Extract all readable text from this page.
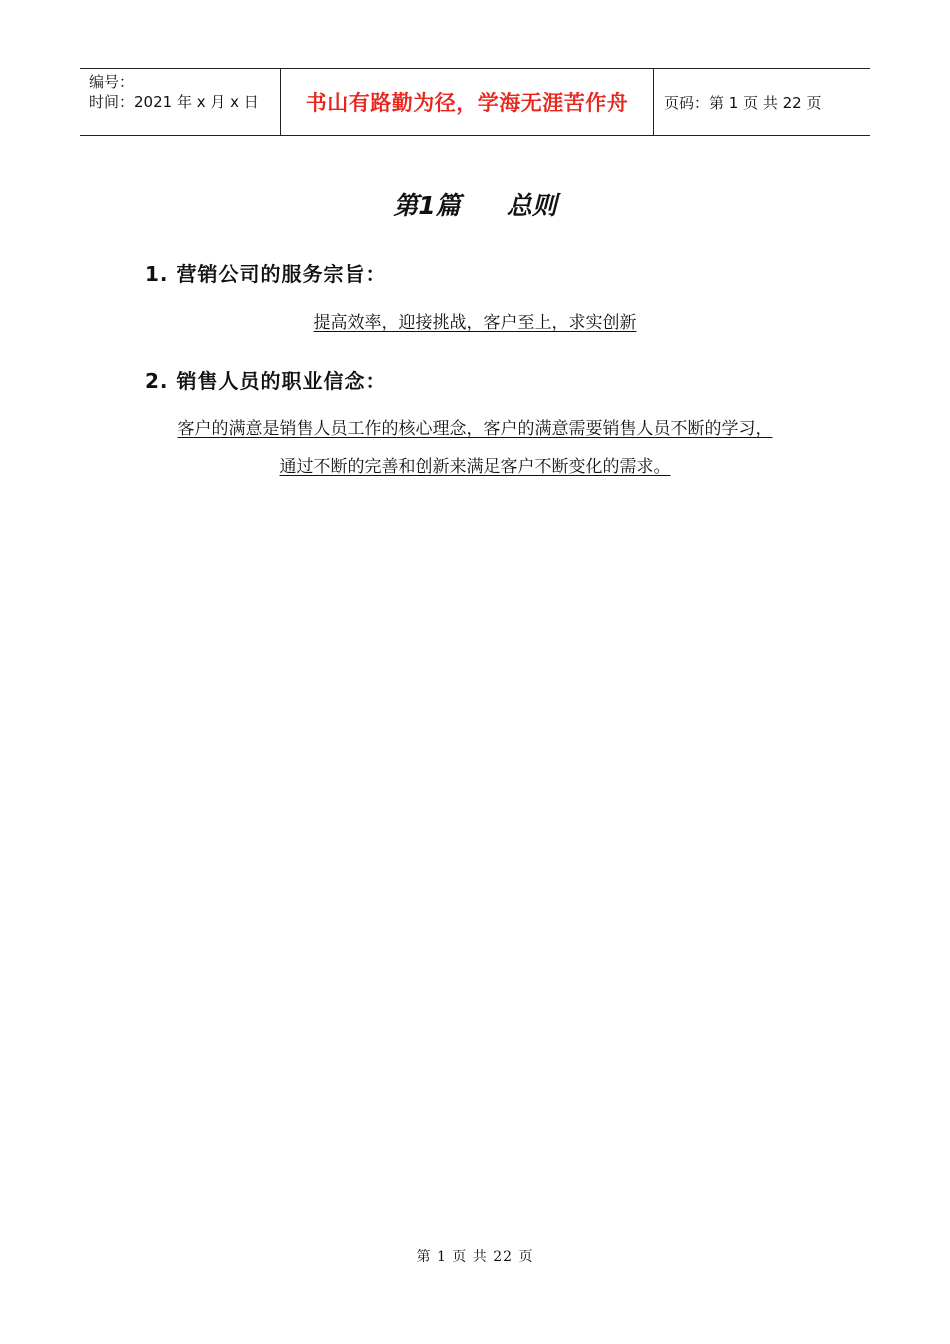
编号：
时间：2021 年 x 月 x 日	书山有路勤为径，学海无涯苦作舟 页码：第 1 页 共 22 页
第1篇 总则
1. 营销公司的服务宗旨：
提高效率，迎接挑战，客户至上，求实创新
2. 销售人员的职业信念：
客户的满意是销售人员工作的核心理念，客户的满意需要销售人员不断的学习，
通过不断的完善和创新来满足客户不断变化的需求。
第 1 页 共 22 页
